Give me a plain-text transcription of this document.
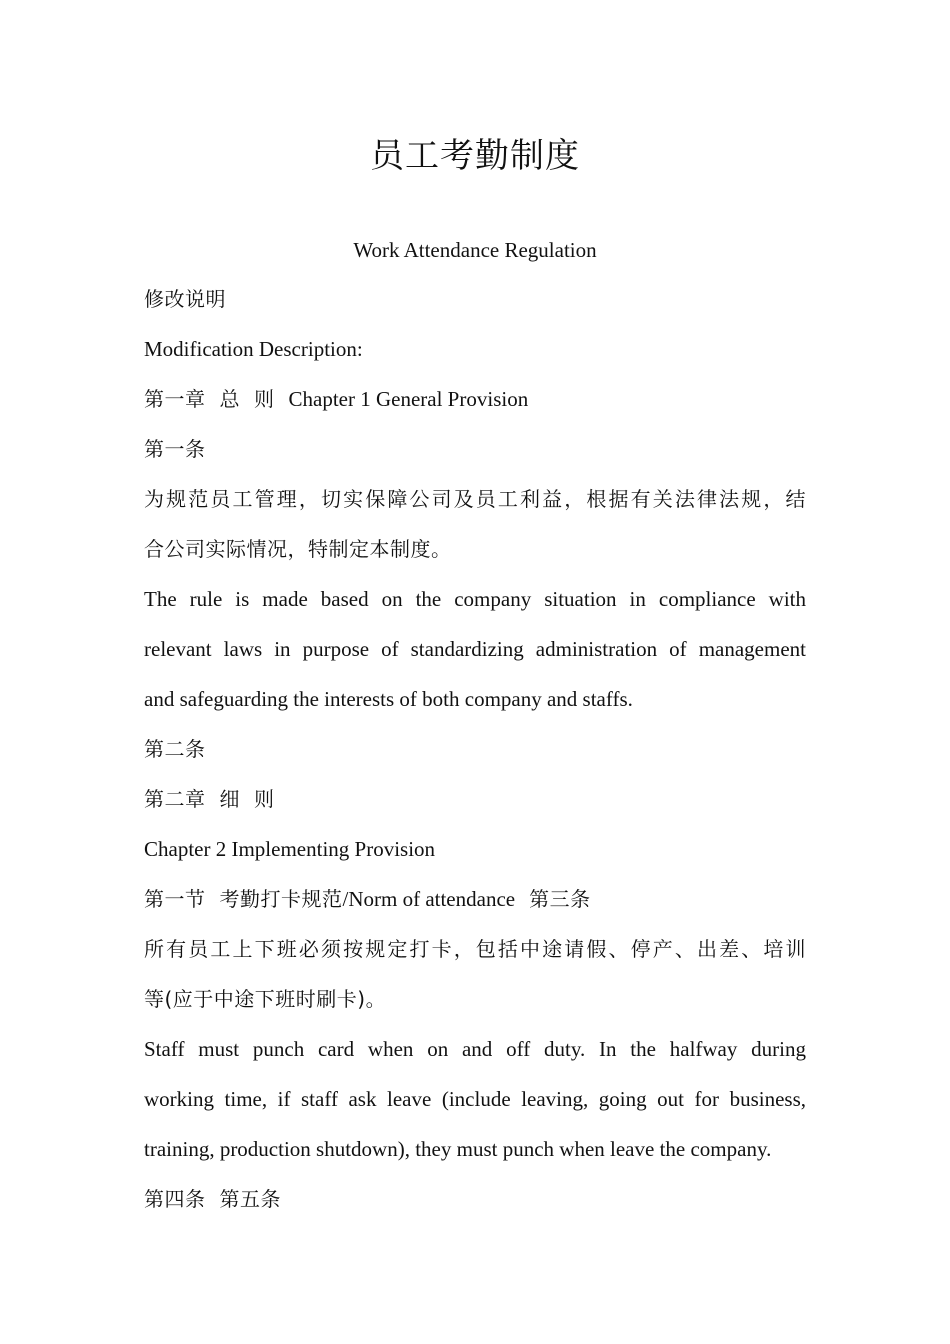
员工考勤制度
Work Attendance Regulation
修改说明
Modification Description:
第一章 总 则 Chapter 1 General Provision
第一条
为规范员工管理，切实保障公司及员工利益，根据有关法律法规，结
合公司实际情况，特制定本制度。
The rule is made based on the company situation in compliance with
relevant laws in purpose of standardizing administration of management
and safeguarding the interests of both company and staffs.
第二条
第二章 细 则
Chapter 2 Implementing Provision
第一节 考勤打卡规范/Norm of attendance 第三条
所有员工上下班必须按规定打卡，包括中途请假、停产、出差、培训
等(应于中途下班时刷卡)。
Staff must punch card when on and off duty. In the halfway during
working time, if staff ask leave (include leaving, going out for business,
training, production shutdown), they must punch when leave the company.
第四条 第五条
